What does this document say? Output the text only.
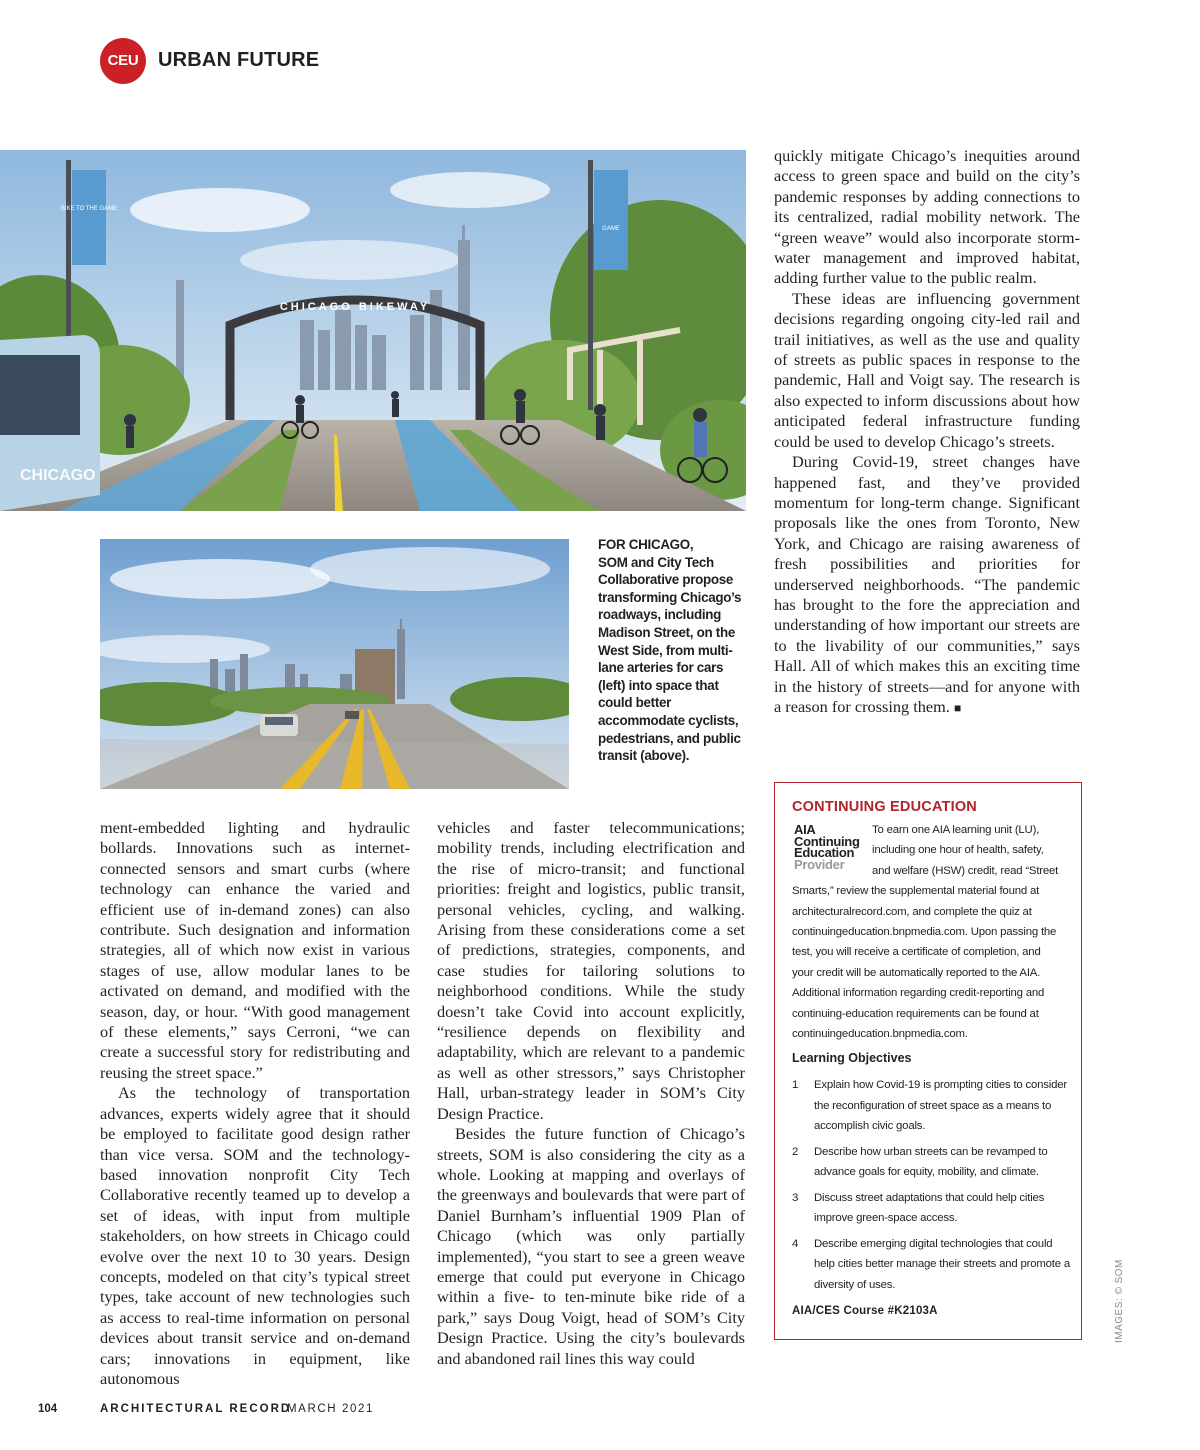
CEU URBAN FUTURE
CHICAGO BIKEWAY
BIKE TO THE GAME
GAME
CHICAGO
FOR CHICAGO,
SOM and City Tech Collaborative propose transforming Chicago’s roadways, including Madison Street, on the West Side, from multi-lane arteries for cars (left) into space that could better accommodate cyclists, pedestrians, and public transit (above).

quickly mitigate Chicago’s inequities around access to green space and build on the city’s pandemic responses by adding connections to its centralized, radial mobility network. The “green weave” would also incorporate storm-water management and improved habitat, adding further value to the public realm.

These ideas are influencing government decisions regarding ongoing city-led rail and trail initiatives, as well as the use and quality of streets as public spaces in response to the pandemic, Hall and Voigt say. The research is also expected to inform discussions about how anticipated federal infrastructure funding could be used to develop Chicago’s streets.

During Covid-19, street changes have happened fast, and they’ve provided momentum for long-term change. Significant proposals like the ones from Toronto, New York, and Chicago are raising awareness of fresh possibilities and priorities for underserved neighborhoods. “The pandemic has brought to the fore the appreciation and understanding of how important our streets are to the livability of our communities,” says Hall. All of which makes this an exciting time in the history of streets—and for anyone with a reason for crossing them. ■

ment-embedded lighting and hydraulic bollards. Innovations such as internet-connected sensors and smart curbs (where technology can enhance the varied and efficient use of in-demand zones) can also contribute. Such designation and information strategies, all of which now exist in various stages of use, allow modular lanes to be activated on demand, and modified with the season, day, or hour. “With good management of these elements,” says Cerroni, “we can create a successful story for redistributing and reusing the street space.”

As the technology of transportation advances, experts widely agree that it should be employed to facilitate good design rather than vice versa. SOM and the technology-based innovation nonprofit City Tech Collaborative recently teamed up to develop a set of ideas, with input from multiple stakeholders, on how streets in Chicago could evolve over the next 10 to 30 years. Design concepts, modeled on that city’s typical street types, take account of new technologies such as access to real-time information on personal devices about transit service and on-demand cars; innovations in equipment, like autonomous

vehicles and faster telecommunications; mobility trends, including electrification and the rise of micro-transit; and functional priorities: freight and logistics, public transit, personal vehicles, cycling, and walking. Arising from these considerations come a set of predictions, strategies, components, and case studies for tailoring solutions to neighborhood conditions. While the study doesn’t take Covid into account explicitly, “resilience depends on flexibility and adaptability, which are relevant to a pandemic as well as other stressors,” says Christopher Hall, urban-strategy leader in SOM’s City Design Practice.

Besides the future function of Chicago’s streets, SOM is also considering the city as a whole. Looking at mapping and overlays of the greenways and boulevards that were part of Daniel Burnham’s influential 1909 Plan of Chicago (which was only partially implemented), “you start to see a green weave emerge that could put everyone in Chicago within a five- to ten-minute bike ride of a park,” says Doug Voigt, head of SOM’s City Design Practice. Using the city’s boulevards and abandoned rail lines this way could

CONTINUING EDUCATION
AIA
Continuing
Education
Provider
To earn one AIA learning unit (LU), including one hour of health, safety, and welfare (HSW) credit, read “Street Smarts,” review the supplemental material found at architecturalrecord.com, and complete the quiz at continuingeducation.bnpmedia.com. Upon passing the test, you will receive a certificate of completion, and your credit will be automatically reported to the AIA. Additional information regarding credit-reporting and continuing-education requirements can be found at continuingeducation.bnpmedia.com.
Learning Objectives
1 Explain how Covid-19 is prompting cities to consider the reconfiguration of street space as a means to accomplish civic goals.
2 Describe how urban streets can be revamped to advance goals for equity, mobility, and climate.
3 Discuss street adaptations that could help cities improve green-space access.
4 Describe emerging digital technologies that could help cities better manage their streets and promote a diversity of uses.
AIA/CES Course #K2103A	IMAGES: © SOM
104	ARCHITECTURAL RECORD
MARCH 2021
